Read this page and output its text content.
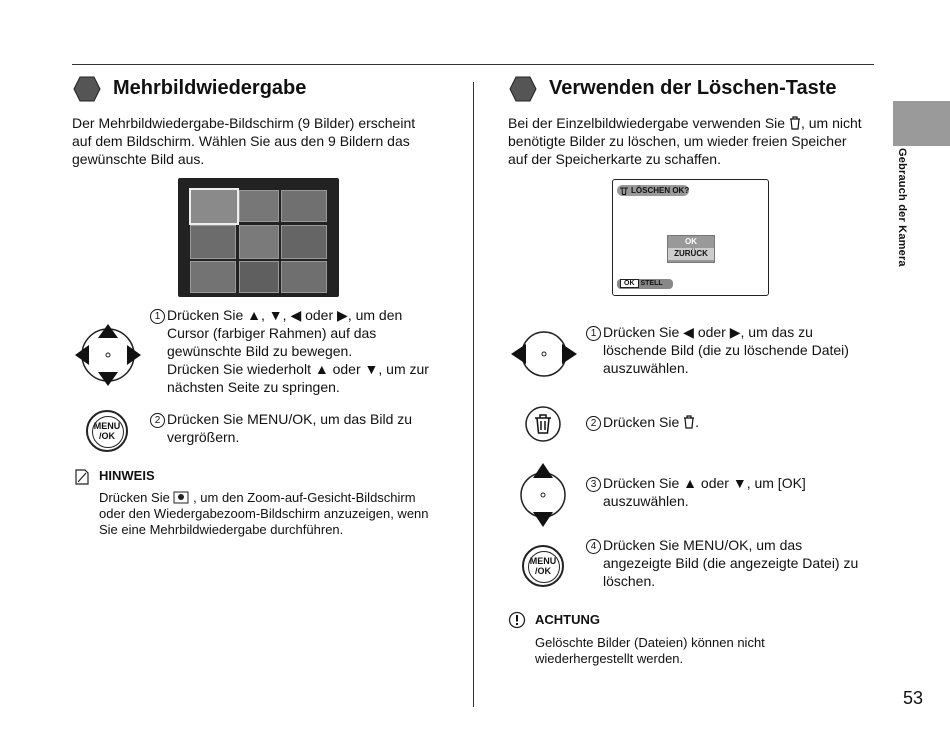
Gebrauch der Kamera
Mehrbildwiedergabe
Der Mehrbildwiedergabe-Bildschirm (9 Bilder) erscheint
auf dem Bildschirm. Wählen Sie aus den 9 Bildern das
gewünschte Bild aus.
1 Drücken Sie ▲, ▼, ◀ oder ▶, um den
Cursor (farbiger Rahmen) auf das
gewünschte Bild zu bewegen.
Drücken Sie wiederholt ▲ oder ▼, um zur
nächsten Seite zu springen.
MENU
/OK
2 Drücken Sie MENU/OK, um das Bild zu
vergrößern.
HINWEIS
Drücken Sie , um den Zoom-auf-Gesicht-Bildschirm
oder den Wiedergabezoom-Bildschirm anzuzeigen, wenn
Sie eine Mehrbildwiedergabe durchführen.
Verwenden der Löschen-Taste
Bei der Einzelbildwiedergabe verwenden Sie , um nicht
benötigte Bilder zu löschen, um wieder freien Speicher
auf der Speicherkarte zu schaffen.
LÖSCHEN OK?
OK
ZURÜCK
OK STELL
1 Drücken Sie ◀ oder ▶, um das zu
löschende Bild (die zu löschende Datei)
auszuwählen.
2 Drücken Sie .
3 Drücken Sie ▲ oder ▼, um [OK]
auszuwählen.
MENU
/OK
4 Drücken Sie MENU/OK, um das
angezeigte Bild (die angezeigte Datei) zu
löschen.
ACHTUNG
Gelöschte Bilder (Dateien) können nicht
wiederhergestellt werden.
53
